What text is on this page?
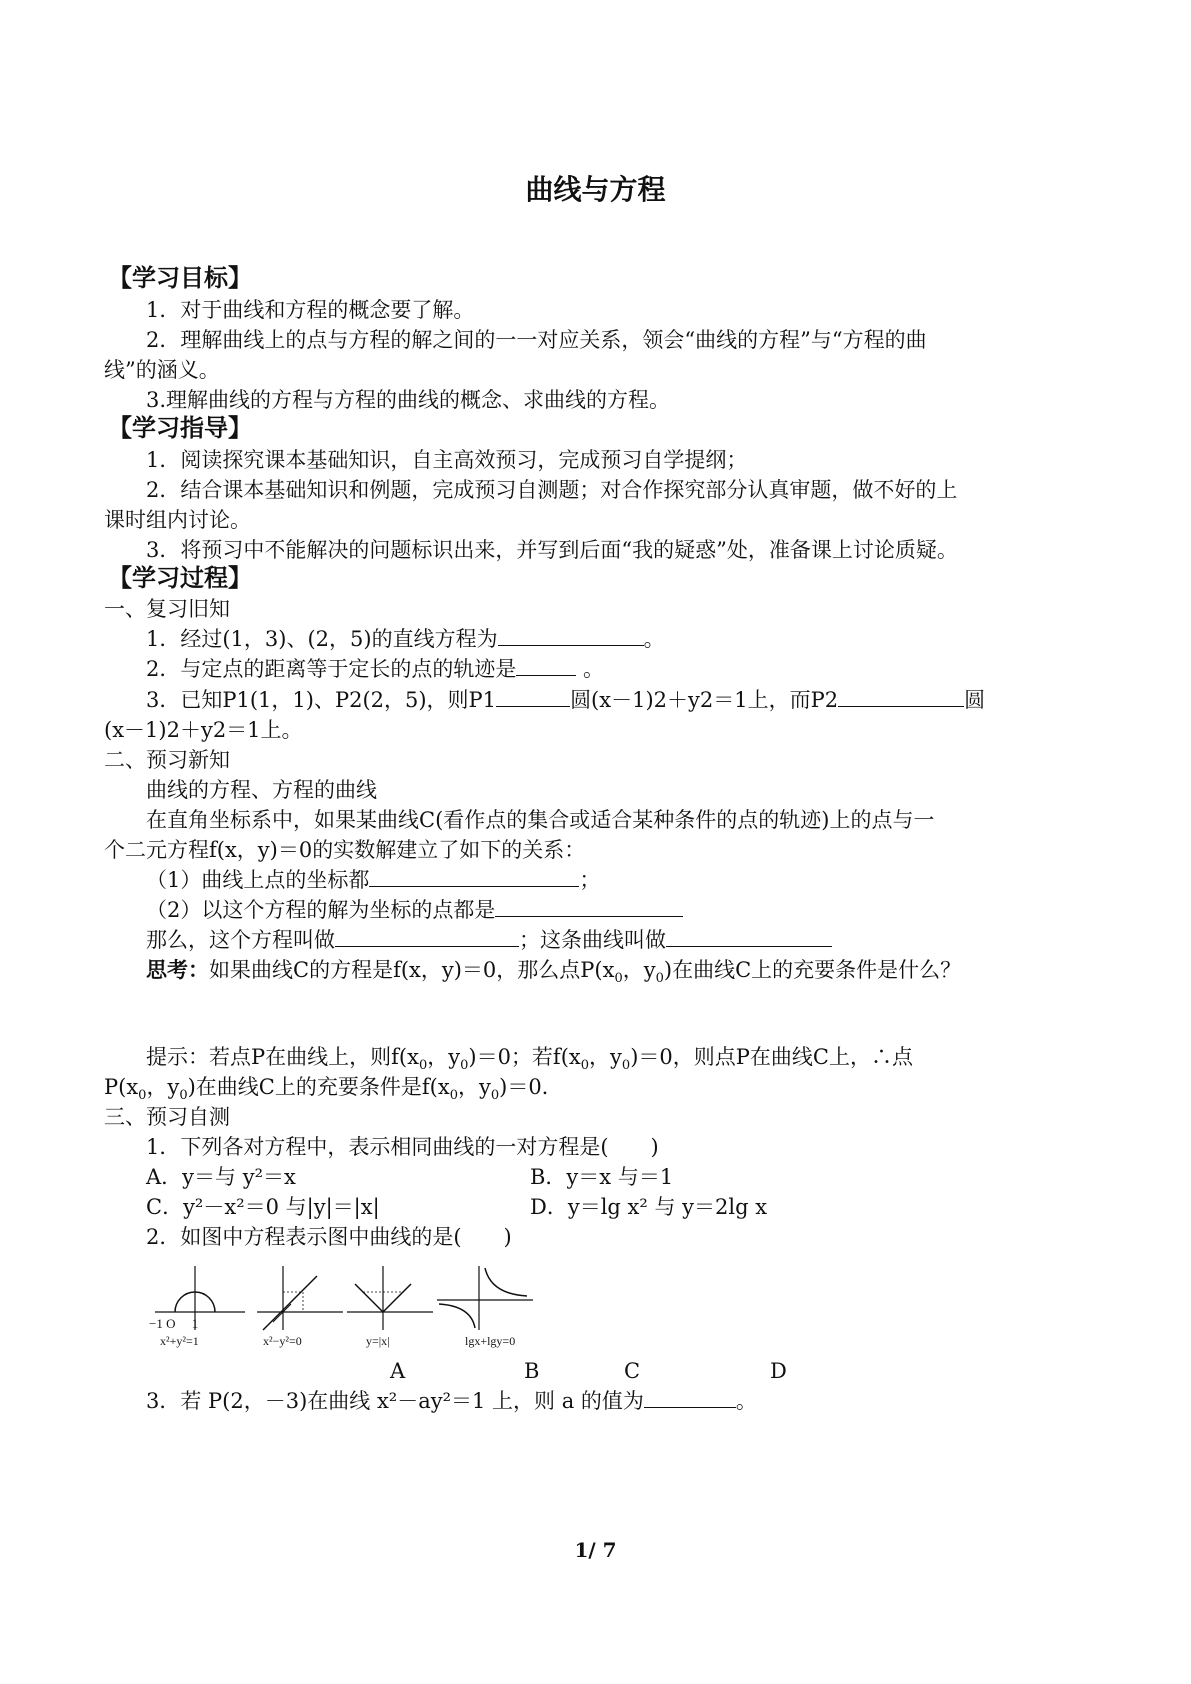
曲线与方程
【学习目标】
1．对于曲线和方程的概念要了解。
2．理解曲线上的点与方程的解之间的一一对应关系，领会“曲线的方程”与“方程的曲
线”的涵义。
3.理解曲线的方程与方程的曲线的概念、求曲线的方程。
【学习指导】
1．阅读探究课本基础知识，自主高效预习，完成预习自学提纲；
2．结合课本基础知识和例题，完成预习自测题；对合作探究部分认真审题，做不好的上
课时组内讨论。
3．将预习中不能解决的问题标识出来，并写到后面“我的疑惑”处，准备课上讨论质疑。
【学习过程】
一、复习旧知
1．经过(1，3)、(2，5)的直线方程为	。
2．与定点的距离等于定长的点的轨迹是	。
3．已知P1(1，1)、P2(2，5)，则P1	圆(x－1)2＋y2＝1上，而P2	圆
(x－1)2＋y2＝1上。
二、预习新知
曲线的方程、方程的曲线
在直角坐标系中，如果某曲线C(看作点的集合或适合某种条件的点的轨迹)上的点与一
个二元方程f(x，y)＝0的实数解建立了如下的关系：
（1）曲线上点的坐标都	；
（2）以这个方程的解为坐标的点都是
那么，这个方程叫做	；这条曲线叫做
思考：如果曲线C的方程是f(x，y)＝0，那么点$P(x_0$，$y_0$)在曲线C上的充要条件是什么？
提示：若点P在曲线上，则$f(x_0$，$y_0)=0$；若$f(x_0$，$y_0)=0$，则点P在曲线C上，∴点
$P(x_0$，$y_0$)在曲线C上的充要条件是$f(x_0$，$y_0)=0$.
三、预习自测
1．下列各对方程中，表示相同曲线的一对方程是(　　)
A．y＝与 y²＝x	B．y＝x 与＝1
C．y²－x²＝0 与|y|＝|x|	D．y＝lg x² 与 y＝2lg x
2．如图中方程表示图中曲线的是(　　)
−1 O     1
x²+y²=1	x²−y²=0	y=|x|	lgx+lgy=0
A	B	C	D
3．若 P(2，－3)在曲线 x²－ay²＝1 上，则 a 的值为	。
1/ 7
